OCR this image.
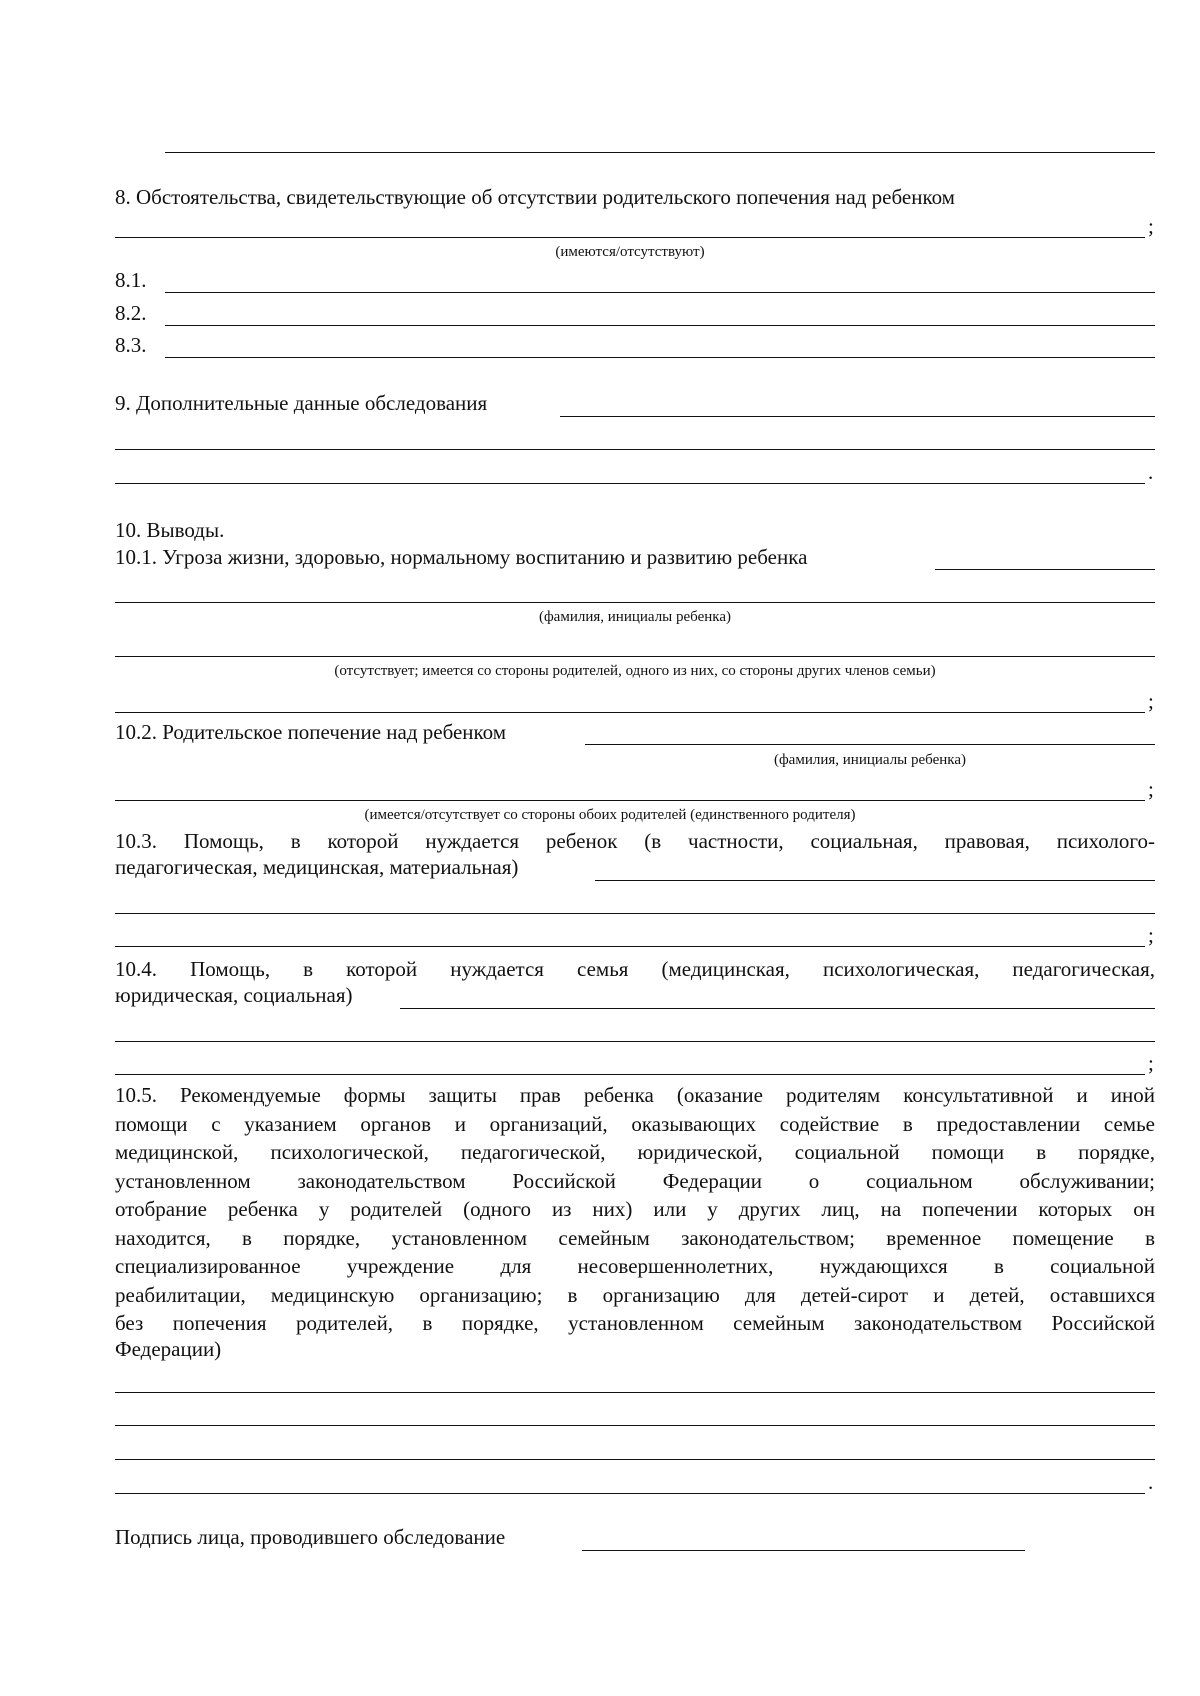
8. Обстоятельства, свидетельствующие об отсутствии родительского попечения над ребенком
;
(имеются/отсутствуют)
8.1.
8.2.
8.3.
9. Дополнительные данные обследования
.
10. Выводы.
10.1. Угроза жизни, здоровью, нормальному воспитанию и развитию ребенка
(фамилия, инициалы ребенка)
(отсутствует; имеется со стороны родителей, одного из них, со стороны других членов семьи)
;
10.2. Родительское попечение над ребенком
(фамилия, инициалы ребенка)
;
(имеется/отсутствует со стороны обоих родителей (единственного родителя)
10.3. Помощь, в которой нуждается ребенок (в частности, социальная, правовая, психолого-
педагогическая, медицинская, материальная)
;
10.4. Помощь, в которой нуждается семья (медицинская, психологическая, педагогическая,
юридическая, социальная)
;
10.5. Рекомендуемые формы защиты прав ребенка (оказание родителям консультативной и иной
помощи с указанием органов и организаций, оказывающих содействие в предоставлении семье
медицинской, психологической, педагогической, юридической, социальной помощи в порядке,
установленном законодательством Российской Федерации о социальном обслуживании;
отобрание ребенка у родителей (одного из них) или у других лиц, на попечении которых он
находится, в порядке, установленном семейным законодательством; временное помещение в
специализированное учреждение для несовершеннолетних, нуждающихся в социальной
реабилитации, медицинскую организацию; в организацию для детей-сирот и детей, оставшихся
без попечения родителей, в порядке, установленном семейным законодательством Российской
Федерации)
.
Подпись лица, проводившего обследование
